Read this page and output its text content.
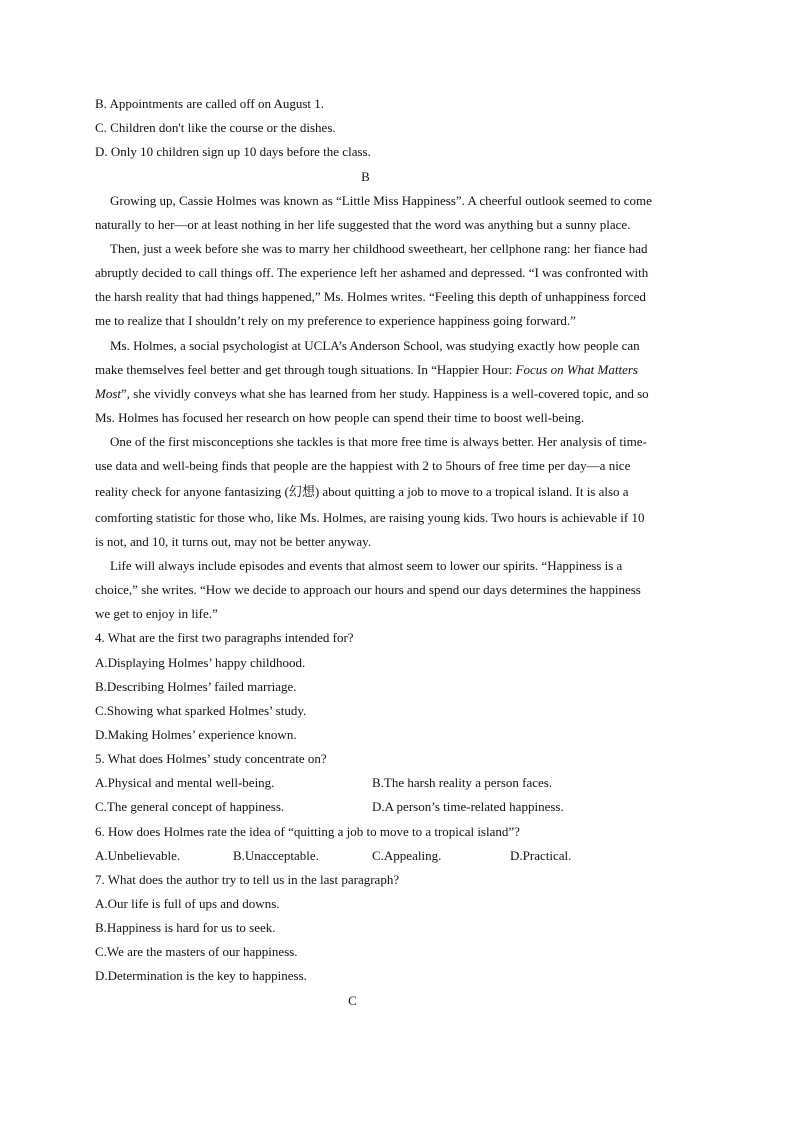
B. Appointments are called off on August 1.
C. Children don't like the course or the dishes.
D. Only 10 children sign up 10 days before the class.
B
Growing up, Cassie Holmes was known as “Little Miss Happiness”. A cheerful outlook seemed to come
naturally to her—or at least nothing in her life suggested that the word was anything but a sunny place.
Then, just a week before she was to marry her childhood sweetheart, her cellphone rang: her fiance had
abruptly decided to call things off. The experience left her ashamed and depressed. “I was confronted with
the harsh reality that had things happened,” Ms. Holmes writes. “Feeling this depth of unhappiness forced
me to realize that I shouldn’t rely on my preference to experience happiness going forward.”
Ms. Holmes, a social psychologist at UCLA’s Anderson School, was studying exactly how people can
make themselves feel better and get through tough situations. In “Happier Hour: Focus on What Matters
Most”, she vividly conveys what she has learned from her study. Happiness is a well-covered topic, and so
Ms. Holmes has focused her research on how people can spend their time to boost well-being.
One of the first misconceptions she tackles is that more free time is always better. Her analysis of time-
use data and well-being finds that people are the happiest with 2 to 5hours of free time per day—a nice
reality check for anyone fantasizing (幻想) about quitting a job to move to a tropical island. It is also a
comforting statistic for those who, like Ms. Holmes, are raising young kids. Two hours is achievable if 10
is not, and 10, it turns out, may not be better anyway.
Life will always include episodes and events that almost seem to lower our spirits. “Happiness is a
choice,” she writes. “How we decide to approach our hours and spend our days determines the happiness
we get to enjoy in life.”
4. What are the first two paragraphs intended for?
A.Displaying Holmes’ happy childhood.
B.Describing Holmes’ failed marriage.
C.Showing what sparked Holmes’ study.
D.Making Holmes’ experience known.
5. What does Holmes’ study concentrate on?
A.Physical and mental well-being.	B.The harsh reality a person faces.
C.The general concept of happiness.	D.A person’s time-related happiness.
6. How does Holmes rate the idea of “quitting a job to move to a tropical island”?
A.Unbelievable.	B.Unacceptable.	C.Appealing.	D.Practical.
7. What does the author try to tell us in the last paragraph?
A.Our life is full of ups and downs.
B.Happiness is hard for us to seek.
C.We are the masters of our happiness.
D.Determination is the key to happiness.
C
